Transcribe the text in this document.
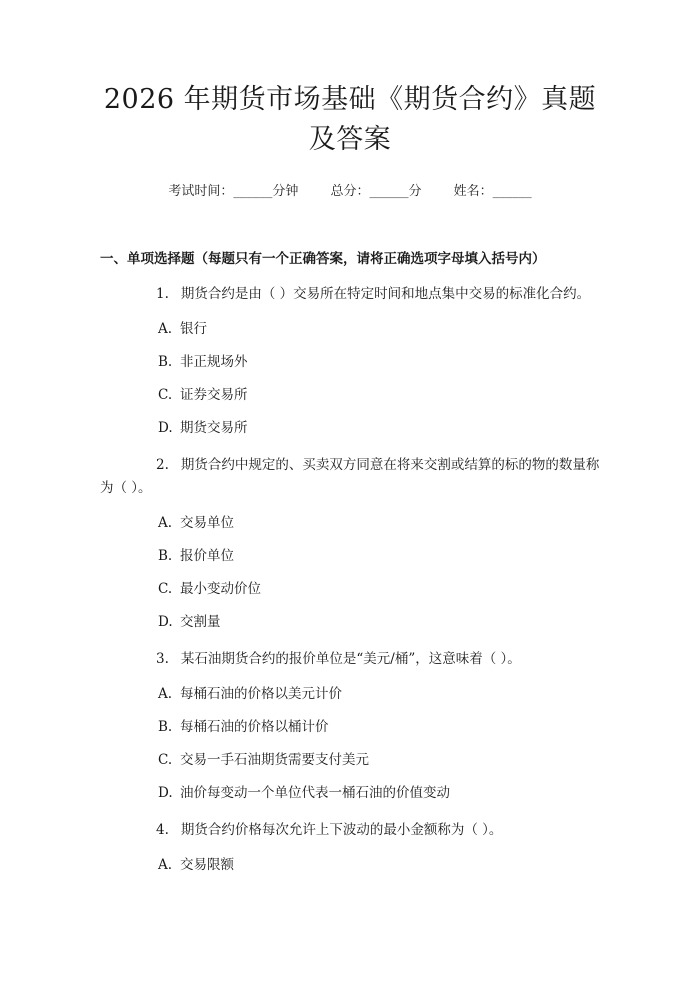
2026 年期货市场基础《期货合约》真题及答案
考试时间：______分钟 总分：______分 姓名：______
一、单项选择题（每题只有一个正确答案，请将正确选项字母填入括号内）
1. 期货合约是由（ ）交易所在特定时间和地点集中交易的标准化合约。
A. 银行
B. 非正规场外
C. 证券交易所
D. 期货交易所
2. 期货合约中规定的、买卖双方同意在将来交割或结算的标的物的数量称为（ ）。
A. 交易单位
B. 报价单位
C. 最小变动价位
D. 交割量
3. 某石油期货合约的报价单位是“美元/桶”，这意味着（ ）。
A. 每桶石油的价格以美元计价
B. 每桶石油的价格以桶计价
C. 交易一手石油期货需要支付美元
D. 油价每变动一个单位代表一桶石油的价值变动
4. 期货合约价格每次允许上下波动的最小金额称为（ ）。
A. 交易限额
